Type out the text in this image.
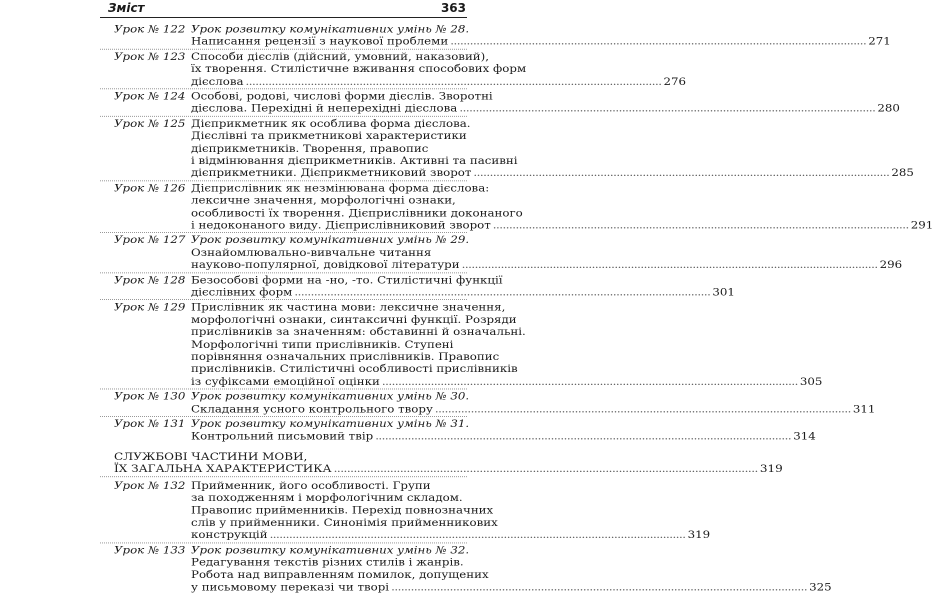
Зміст	363
Урок № 122 Урок розвитку комунікативних умінь № 28.
Написання рецензії з наукової проблеми .....	271
Урок № 123 Способи дієслів (дійсний, умовний, наказовий),
їх творення. Стилістичне вживання способових форм
дієслова .....	276
Урок № 124 Особові, родові, числові форми дієслів. Зворотні
дієслова. Перехідні й неперехідні дієслова .....	280
Урок № 125 Дієприкметник як особлива форма дієслова.
Дієслівні та прикметникові характеристики
дієприкметників. Творення, правопис
і відмінювання дієприкметників. Активні та пасивні
дієприкметники. Дієприкметниковий зворот .....	285
Урок № 126 Дієприслівник як незмінювана форма дієслова:
лексичне значення, морфологічні ознаки,
особливості їх творення. Дієприслівники доконаного
і недоконаного виду. Дієприслівниковий зворот .....	291
Урок № 127 Урок розвитку комунікативних умінь № 29.
Ознайомлювально-вивчальне читання
науково-популярної, довідкової літератури .....	296
Урок № 128 Безособові форми на -но, -то. Стилістичні функції
дієслівних форм .....	301
Урок № 129 Прислівник як частина мови: лексичне значення,
морфологічні ознаки, синтаксичні функції. Розряди
прислівників за значенням: обставинні й означальні.
Морфологічні типи прислівників. Ступені
порівняння означальних прислівників. Правопис
прислівників. Стилістичні особливості прислівників
із суфіксами емоційної оцінки .....	305
Урок № 130 Урок розвитку комунікативних умінь № 30.
Складання усного контрольного твору .....	311
Урок № 131 Урок розвитку комунікативних умінь № 31.
Контрольний письмовий твір .....	314
СЛУЖБОВІ ЧАСТИНИ МОВИ,
ЇХ ЗАГАЛЬНА ХАРАКТЕРИСТИКА .....	319
Урок № 132 Прийменник, його особливості. Групи
за походженням і морфологічним складом.
Правопис прийменників. Перехід повнозначних
слів у прийменники. Синонімія прийменникових
конструкцій .....	319
Урок № 133 Урок розвитку комунікативних умінь № 32.
Редагування текстів різних стилів і жанрів.
Робота над виправленням помилок, допущених
у письмовому переказі чи творі .....	325
